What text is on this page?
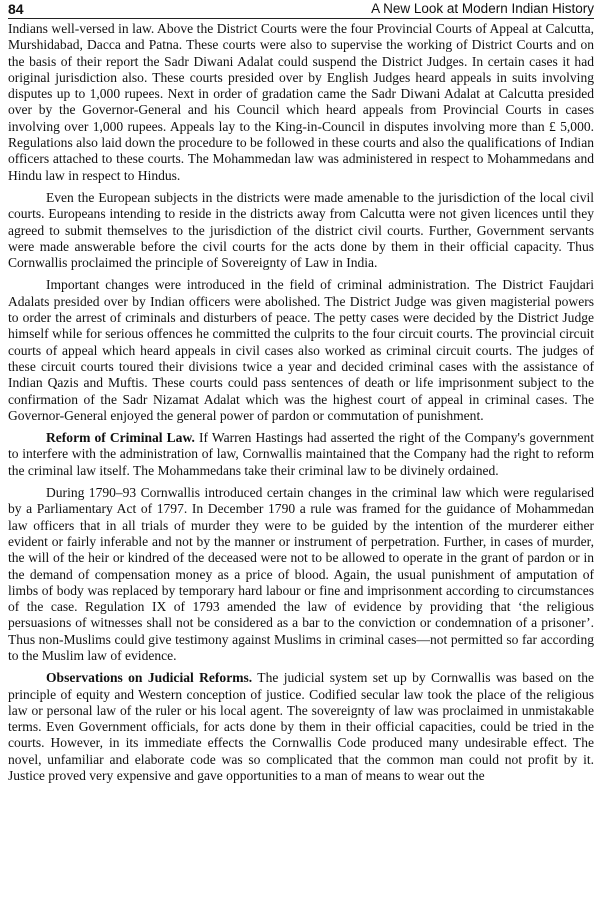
84	A New Look at Modern Indian History

Indians well-versed in law. Above the District Courts were the four Provincial Courts of Appeal at Calcutta, Murshidabad, Dacca and Patna. These courts were also to supervise the working of District Courts and on the basis of their report the Sadr Diwani Adalat could suspend the District Judges. In certain cases it had original jurisdiction also. These courts presided over by English Judges heard appeals in suits involving disputes up to 1,000 rupees. Next in order of gradation came the Sadr Diwani Adalat at Calcutta presided over by the Governor-General and his Council which heard appeals from Provincial Courts in cases involving over 1,000 rupees. Appeals lay to the King-in-Council in disputes involving more than £ 5,000. Regulations also laid down the procedure to be followed in these courts and also the qualifications of Indian officers attached to these courts. The Mohammedan law was administered in respect to Mohammedans and Hindu law in respect to Hindus.

Even the European subjects in the districts were made amenable to the jurisdiction of the local civil courts. Europeans intending to reside in the districts away from Calcutta were not given licences until they agreed to submit themselves to the jurisdiction of the district civil courts. Further, Government servants were made answerable before the civil courts for the acts done by them in their official capacity. Thus Cornwallis proclaimed the principle of Sovereignty of Law in India.

Important changes were introduced in the field of criminal administration. The District Faujdari Adalats presided over by Indian officers were abolished. The District Judge was given magisterial powers to order the arrest of criminals and disturbers of peace. The petty cases were decided by the District Judge himself while for serious offences he committed the culprits to the four circuit courts. The provincial circuit courts of appeal which heard appeals in civil cases also worked as criminal circuit courts. The judges of these circuit courts toured their divisions twice a year and decided criminal cases with the assistance of Indian Qazis and Muftis. These courts could pass sentences of death or life imprisonment subject to the confirmation of the Sadr Nizamat Adalat which was the highest court of appeal in criminal cases. The Governor-General enjoyed the general power of pardon or commutation of punishment.

Reform of Criminal Law. If Warren Hastings had asserted the right of the Company's government to interfere with the administration of law, Cornwallis maintained that the Company had the right to reform the criminal law itself. The Mohammedans take their criminal law to be divinely ordained.

During 1790–93 Cornwallis introduced certain changes in the criminal law which were regularised by a Parliamentary Act of 1797. In December 1790 a rule was framed for the guidance of Mohammedan law officers that in all trials of murder they were to be guided by the intention of the murderer either evident or fairly inferable and not by the manner or instrument of perpetration. Further, in cases of murder, the will of the heir or kindred of the deceased were not to be allowed to operate in the grant of pardon or in the demand of compensation money as a price of blood. Again, the usual punishment of amputation of limbs of body was replaced by temporary hard labour or fine and imprisonment according to circumstances of the case. Regulation IX of 1793 amended the law of evidence by providing that ‘the religious persuasions of witnesses shall not be considered as a bar to the conviction or condemnation of a prisoner’. Thus non-Muslims could give testimony against Muslims in criminal cases—not permitted so far according to the Muslim law of evidence.

Observations on Judicial Reforms. The judicial system set up by Cornwallis was based on the principle of equity and Western conception of justice. Codified secular law took the place of the religious law or personal law of the ruler or his local agent. The sovereignty of law was proclaimed in unmistakable terms. Even Government officials, for acts done by them in their official capacities, could be tried in the courts. However, in its immediate effects the Cornwallis Code produced many undesirable effect. The novel, unfamiliar and elaborate code was so complicated that the common man could not profit by it. Justice proved very expensive and gave opportunities to a man of means to wear out the
